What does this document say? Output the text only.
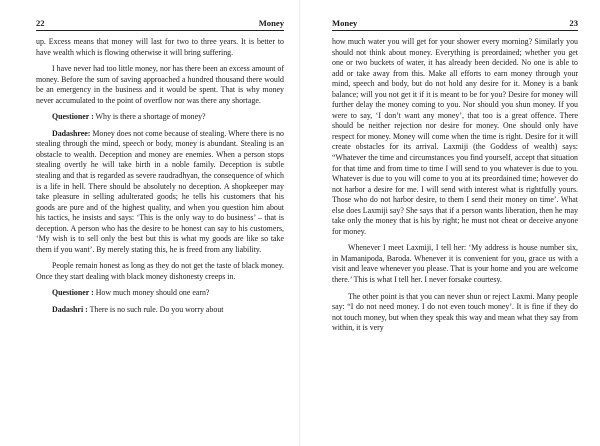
22	Money

up. Excess means that money will last for two to three years. It is better to have wealth which is flowing otherwise it will bring suffering.

I have never had too little money, nor has there been an excess amount of money. Before the sum of saving approached a hundred thousand there would be an emergency in the business and it would be spent. That is why money never accumulated to the point of overflow nor was there any shortage.

Questioner : Why is there a shortage of money?

Dadashree: Money does not come because of stealing. Where there is no stealing through the mind, speech or body, money is abundant. Stealing is an obstacle to wealth. Deception and money are enemies. When a person stops stealing overtly he will take birth in a noble family. Deception is subtle stealing and that is regarded as severe raudradhyan, the consequence of which is a life in hell. There should be absolutely no deception. A shopkeeper may take pleasure in selling adulterated goods; he tells his customers that his goods are pure and of the highest quality, and when you question him about his tactics, he insists and says: ‘This is the only way to do business’ – that is deception. A person who has the desire to be honest can say to his customers, ‘My wish is to sell only the best but this is what my goods are like so take them if you want’. By merely stating this, he is freed from any liability.

People remain honest as long as they do not get the taste of black money. Once they start dealing with black money dishonesty creeps in.

Questioner : How much money should one earn?

Dadashri : There is no such rule. Do you worry about

Money	23

how much water you will get for your shower every morning? Similarly you should not think about money. Everything is preordained; whether you get one or two buckets of water, it has already been decided. No one is able to add or take away from this. Make all efforts to earn money through your mind, speech and body, but do not hold any desire for it. Money is a bank balance; will you not get it if it is meant to be for you? Desire for money will further delay the money coming to you. Nor should you shun money. If you were to say, ‘I don’t want any money’, that too is a great offence. There should be neither rejection nor desire for money. One should only have respect for money. Money will come when the time is right. Desire for it will create obstacles for its arrival. Laxmiji (the Goddess of wealth) says: “Whatever the time and circumstances you find yourself, accept that situation for that time and from time to time I will send to you whatever is due to you. Whatever is due to you will come to you at its preordained time; however do not harbor a desire for me. I will send with interest what is rightfully yours. Those who do not harbor desire, to them I send their money on time’. What else does Laxmiji say? She says that if a person wants liberation, then he may take only the money that is his by right; he must not cheat or deceive anyone for money.

Whenever I meet Laxmiji, I tell her: ‘My address is house number six, in Mamanipoda, Baroda. Whenever it is convenient for you, grace us with a visit and leave whenever you please. That is your home and you are welcome there.’ This is what I tell her. I never forsake courtesy.

The other point is that you can never shun or reject Laxmi. Many people say: “I do not need money. I do not even touch money’. It is fine if they do not touch money, but when they speak this way and mean what they say from within, it is very
